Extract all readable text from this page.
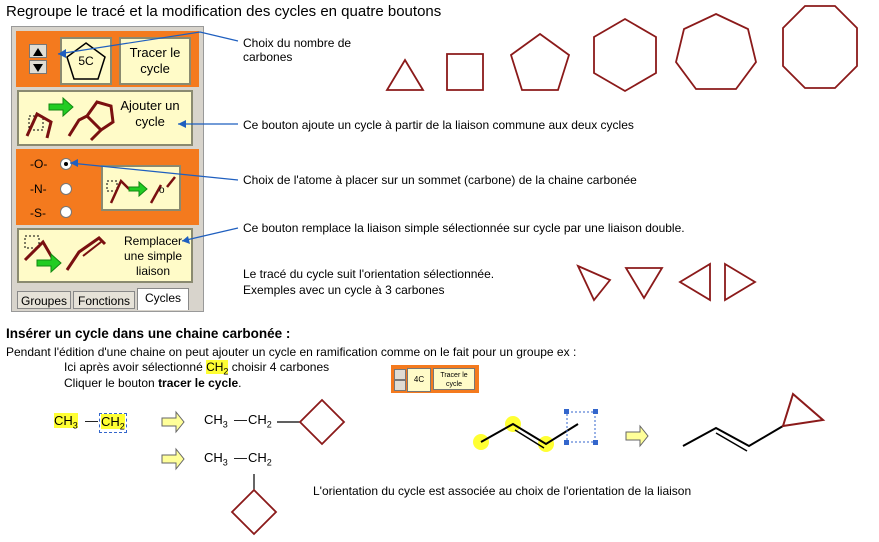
Regroupe le tracé et la modification des cycles en quatre boutons
5C
Tracer le cycle
Ajouter un cycle
-O-
-N-
-S-
o
Remplacer une simple liaison
Groupes Fonctions	Cycles
Choix du nombre de carbones
Ce bouton ajoute un cycle à partir de la liaison commune aux deux cycles
Choix de l'atome à placer sur un sommet (carbone) de la chaine carbonée
Ce bouton remplace la liaison simple sélectionnée sur cycle par une liaison double.
Le tracé du cycle suit l'orientation sélectionnée.
Exemples avec un cycle à 3 carbones
Insérer un cycle dans une chaine carbonée :
Pendant l'édition d'une chaine on peut ajouter un cycle en ramification comme on le fait pour un groupe ex :
Ici après avoir sélectionné $CH_2$ choisir 4 carbones
Cliquer le bouton tracer le cycle.	4C	Tracer le cycle
$CH_3$ — $CH_2$	$CH_3$ — $CH_2$
$CH_3$ — $CH_2$
L'orientation du cycle est associée au choix de l'orientation de la liaison
